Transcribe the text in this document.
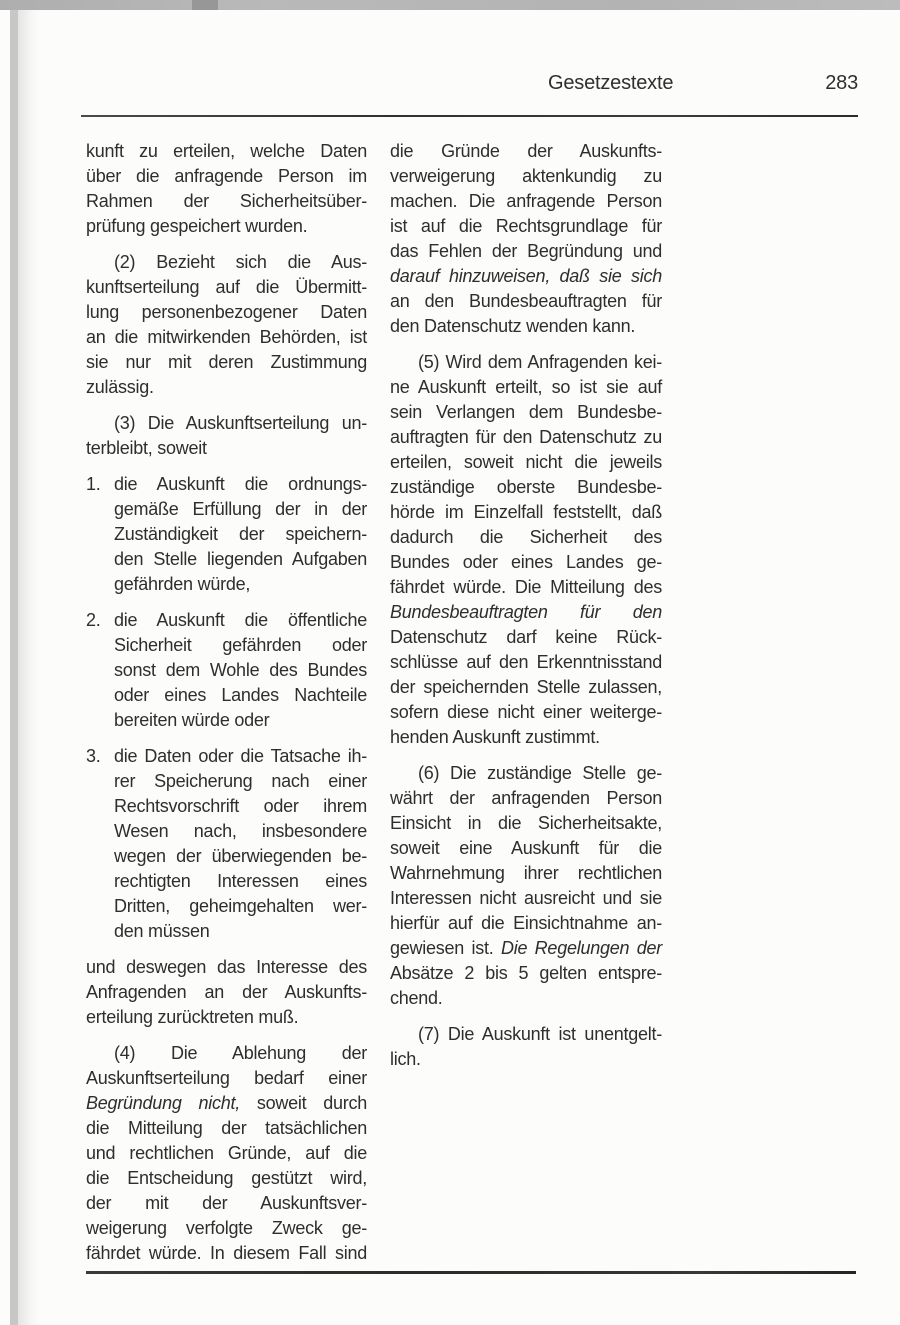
Gesetzestexte	283
kunft zu erteilen, welche Daten
über die anfragende Person im
Rahmen der Sicherheitsüber-
prüfung gespeichert wurden.
(2) Bezieht sich die Aus-
kunftserteilung auf die Übermitt-
lung personenbezogener Daten
an die mitwirkenden Behörden, ist
sie nur mit deren Zustimmung
zulässig.
(3) Die Auskunftserteilung un-
terbleibt, soweit
1. die Auskunft die ordnungs-
gemäße Erfüllung der in der
Zuständigkeit der speichern-
den Stelle liegenden Aufgaben
gefährden würde,
2. die Auskunft die öffentliche
Sicherheit gefährden oder
sonst dem Wohle des Bundes
oder eines Landes Nachteile
bereiten würde oder
3. die Daten oder die Tatsache ih-
rer Speicherung nach einer
Rechtsvorschrift oder ihrem
Wesen nach, insbesondere
wegen der überwiegenden be-
rechtigten Interessen eines
Dritten, geheimgehalten wer-
den müssen
und deswegen das Interesse des
Anfragenden an der Auskunfts-
erteilung zurücktreten muß.
(4) Die Ablehung der
Auskunftserteilung bedarf einer
Begründung nicht, soweit durch
die Mitteilung der tatsächlichen
und rechtlichen Gründe, auf die
die Entscheidung gestützt wird,
der mit der Auskunftsver-
weigerung verfolgte Zweck ge-
fährdet würde. In diesem Fall sind
die Gründe der Auskunfts-
verweigerung aktenkundig zu
machen. Die anfragende Person
ist auf die Rechtsgrundlage für
das Fehlen der Begründung und
darauf hinzuweisen, daß sie sich
an den Bundesbeauftragten für
den Datenschutz wenden kann.
(5) Wird dem Anfragenden kei-
ne Auskunft erteilt, so ist sie auf
sein Verlangen dem Bundesbe-
auftragten für den Datenschutz zu
erteilen, soweit nicht die jeweils
zuständige oberste Bundesbe-
hörde im Einzelfall feststellt, daß
dadurch die Sicherheit des
Bundes oder eines Landes ge-
fährdet würde. Die Mitteilung des
Bundesbeauftragten für den
Datenschutz darf keine Rück-
schlüsse auf den Erkenntnisstand
der speichernden Stelle zulassen,
sofern diese nicht einer weiterge-
henden Auskunft zustimmt.
(6) Die zuständige Stelle ge-
währt der anfragenden Person
Einsicht in die Sicherheitsakte,
soweit eine Auskunft für die
Wahrnehmung ihrer rechtlichen
Interessen nicht ausreicht und sie
hierfür auf die Einsichtnahme an-
gewiesen ist. Die Regelungen der
Absätze 2 bis 5 gelten entspre-
chend.
(7) Die Auskunft ist unentgelt-
lich.
